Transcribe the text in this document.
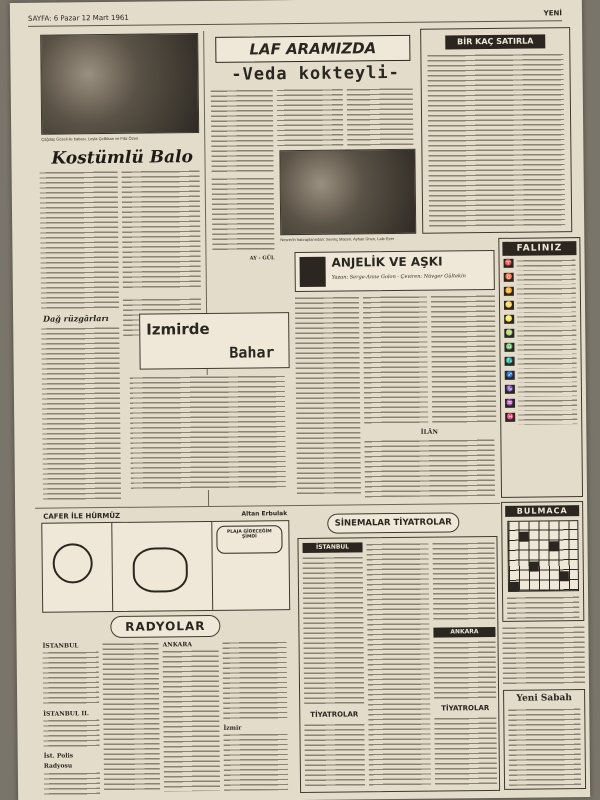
SAYFA: 6 Pazar 12 Mart 1961
YENİ
Çağdaş Gözeli ile babası, Leyla Çelikkan ve Filiz Özen
Kostümlü Balo
Dağ rüzgârları
LAF ARAMIZDA
-Veda kokteyli-
Nesrin'in hatıraplarından: Sevinç Maceri, Ayhan Ünen, Lale Ezer
BİR KAÇ SATIRLA
Izmirde
Bahar
AY - GÜL	ANJELİK VE AŞKI
Yazan: Serge-Anne Golon - Çeviren: Nüvger Gültekin
İLÂN
FALINIZ
♈
♉
♊
♋
♌
♍
♎
♏
♐
♑
♒
♓
BULMACA
CAFER İLE HÜRMÜZ	Altan Erbulak
PLAJA GİDECEĞİM ŞİMDİ
SİNEMALAR TİYATROLAR
İSTANBUL
TİYATROLAR
ANKARA
TİYATROLAR
RADYOLAR
İSTANBUL
İSTANBUL II.
İst. Polis
Radyosu
ANKARA
İzmir
Yeni Sabah
